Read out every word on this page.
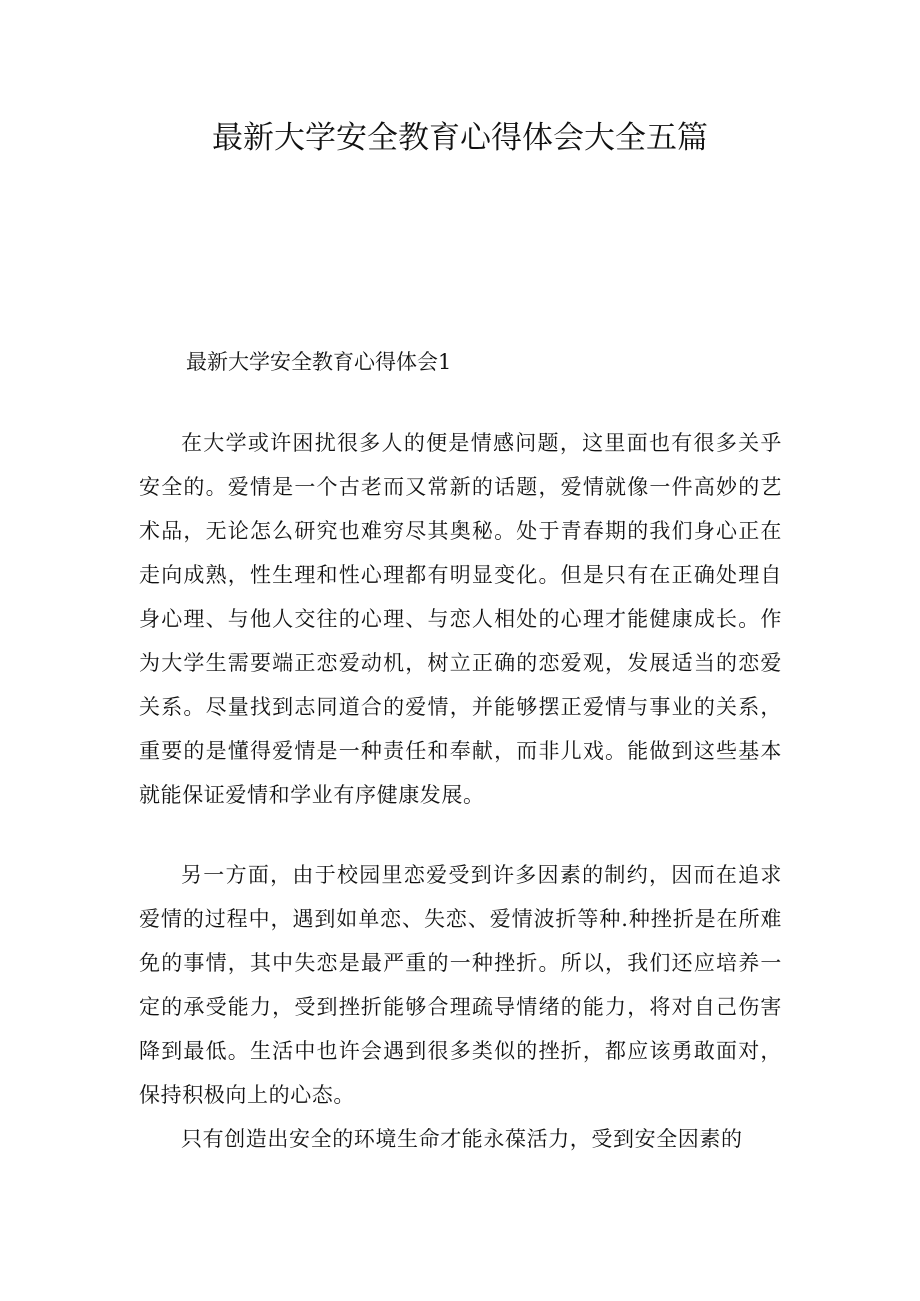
最新大学安全教育心得体会大全五篇
最新大学安全教育心得体会1

在大学或许困扰很多人的便是情感问题，这里面也有很多关乎安全的。爱情是一个古老而又常新的话题，爱情就像一件高妙的艺术品，无论怎么研究也难穷尽其奥秘。处于青春期的我们身心正在走向成熟，性生理和性心理都有明显变化。但是只有在正确处理自身心理、与他人交往的心理、与恋人相处的心理才能健康成长。作为大学生需要端正恋爱动机，树立正确的恋爱观，发展适当的恋爱关系。尽量找到志同道合的爱情，并能够摆正爱情与事业的关系，重要的是懂得爱情是一种责任和奉献，而非儿戏。能做到这些基本就能保证爱情和学业有序健康发展。

另一方面，由于校园里恋爱受到许多因素的制约，因而在追求爱情的过程中，遇到如单恋、失恋、爱情波折等种.种挫折是在所难免的事情，其中失恋是最严重的一种挫折。所以，我们还应培养一定的承受能力，受到挫折能够合理疏导情绪的能力，将对自己伤害降到最低。生活中也许会遇到很多类似的挫折，都应该勇敢面对，保持积极向上的心态。

只有创造出安全的环境生命才能永葆活力，受到安全因素的
